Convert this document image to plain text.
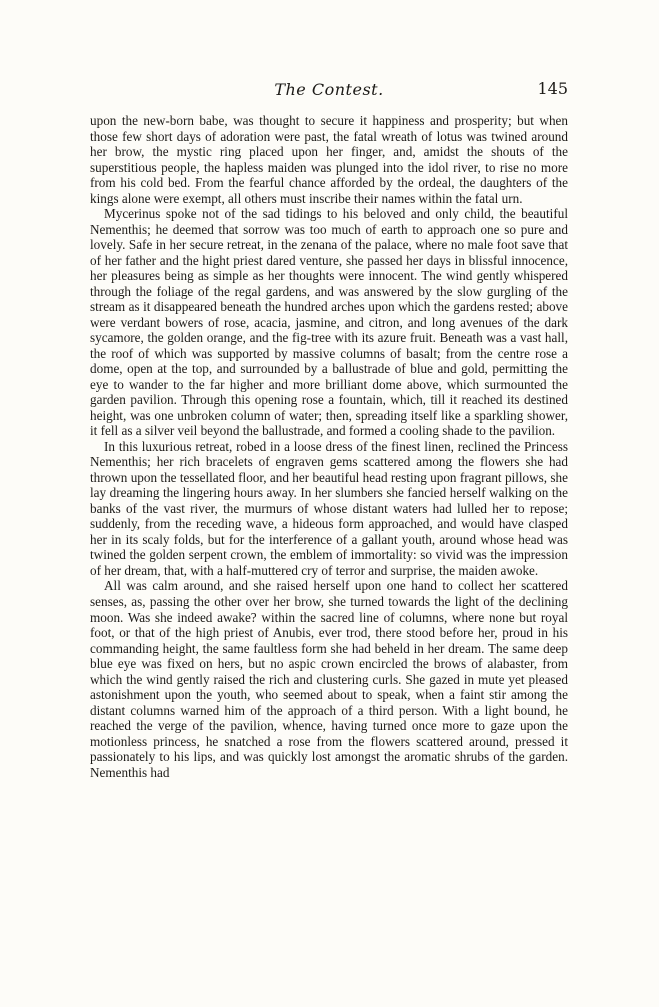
The Contest.	145

upon the new-born babe, was thought to secure it happiness and prosperity; but when those few short days of adoration were past, the fatal wreath of lotus was twined around her brow, the mystic ring placed upon her finger, and, amidst the shouts of the superstitious people, the hapless maiden was plunged into the idol river, to rise no more from his cold bed. From the fearful chance afforded by the ordeal, the daughters of the kings alone were exempt, all others must inscribe their names within the fatal urn.

Mycerinus spoke not of the sad tidings to his beloved and only child, the beautiful Nementhis; he deemed that sorrow was too much of earth to approach one so pure and lovely. Safe in her secure retreat, in the zenana of the palace, where no male foot save that of her father and the hight priest dared venture, she passed her days in blissful innocence, her pleasures being as simple as her thoughts were innocent. The wind gently whispered through the foliage of the regal gardens, and was answered by the slow gurgling of the stream as it disappeared beneath the hundred arches upon which the gardens rested; above were verdant bowers of rose, acacia, jasmine, and citron, and long avenues of the dark sycamore, the golden orange, and the fig-tree with its azure fruit. Beneath was a vast hall, the roof of which was supported by massive columns of basalt; from the centre rose a dome, open at the top, and surrounded by a ballustrade of blue and gold, permitting the eye to wander to the far higher and more brilliant dome above, which surmounted the garden pavilion. Through this opening rose a fountain, which, till it reached its destined height, was one unbroken column of water; then, spreading itself like a sparkling shower, it fell as a silver veil beyond the ballustrade, and formed a cooling shade to the pavilion.

In this luxurious retreat, robed in a loose dress of the finest linen, reclined the Princess Nementhis; her rich bracelets of engraven gems scattered among the flowers she had thrown upon the tessellated floor, and her beautiful head resting upon fragrant pillows, she lay dreaming the lingering hours away. In her slumbers she fancied herself walking on the banks of the vast river, the murmurs of whose distant waters had lulled her to repose; suddenly, from the receding wave, a hideous form approached, and would have clasped her in its scaly folds, but for the interference of a gallant youth, around whose head was twined the golden serpent crown, the emblem of immortality: so vivid was the impression of her dream, that, with a half-muttered cry of terror and surprise, the maiden awoke.

All was calm around, and she raised herself upon one hand to collect her scattered senses, as, passing the other over her brow, she turned towards the light of the declining moon. Was she indeed awake? within the sacred line of columns, where none but royal foot, or that of the high priest of Anubis, ever trod, there stood before her, proud in his commanding height, the same faultless form she had beheld in her dream. The same deep blue eye was fixed on hers, but no aspic crown encircled the brows of alabaster, from which the wind gently raised the rich and clustering curls. She gazed in mute yet pleased astonishment upon the youth, who seemed about to speak, when a faint stir among the distant columns warned him of the approach of a third person. With a light bound, he reached the verge of the pavilion, whence, having turned once more to gaze upon the motionless princess, he snatched a rose from the flowers scattered around, pressed it passionately to his lips, and was quickly lost amongst the aromatic shrubs of the garden. Nementhis had
